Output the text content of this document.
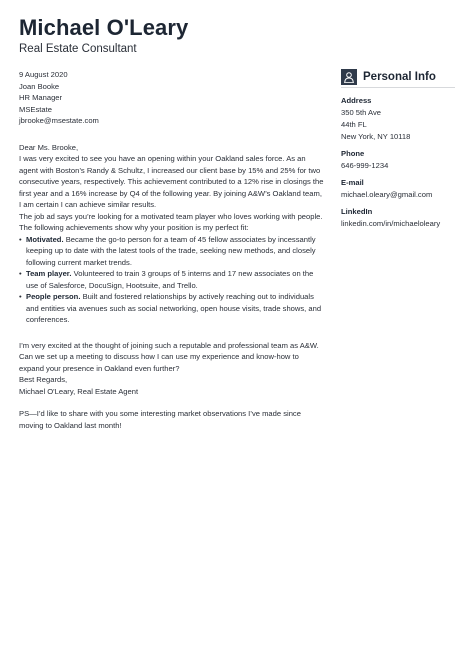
Michael O'Leary
Real Estate Consultant

9 August 2020

Joan Booke
HR Manager
MSEstate
jbrooke@msestate.com

Dear Ms. Brooke,

I was very excited to see you have an opening within your Oakland sales force. As an agent with Boston’s Randy & Schultz, I increased our client base by 15% and 25% for two consecutive years, respectively. This achievement contributed to a 12% rise in closings the first year and a 16% increase by Q4 of the following year. By joining A&W’s Oakland team, I am certain I can achieve similar results.

The job ad says you’re looking for a motivated team player who loves working with people. The following achievements show why your position is my perfect fit:

• Motivated. Became the go-to person for a team of 45 fellow associates by incessantly keeping up to date with the latest tools of the trade, seeking new methods, and closely following current market trends.
• Team player. Volunteered to train 3 groups of 5 interns and 17 new associates on the use of Salesforce, DocuSign, Hootsuite, and Trello.
• People person. Built and fostered relationships by actively reaching out to individuals and entities via avenues such as social networking, open house visits, trade shows, and conferences.

I’m very excited at the thought of joining such a reputable and professional team as A&W. Can we set up a meeting to discuss how I can use my experience and know-how to expand your presence in Oakland even further?

Best Regards,
Michael O'Leary, Real Estate Agent

PS—I’d like to share with you some interesting market observations I’ve made since moving to Oakland last month!

Personal Info
Address
350 5th Ave
44th FL
New York, NY 10118
Phone
646-999-1234
E-mail
michael.oleary@gmail.com
LinkedIn
linkedin.com/in/michaeloleary
